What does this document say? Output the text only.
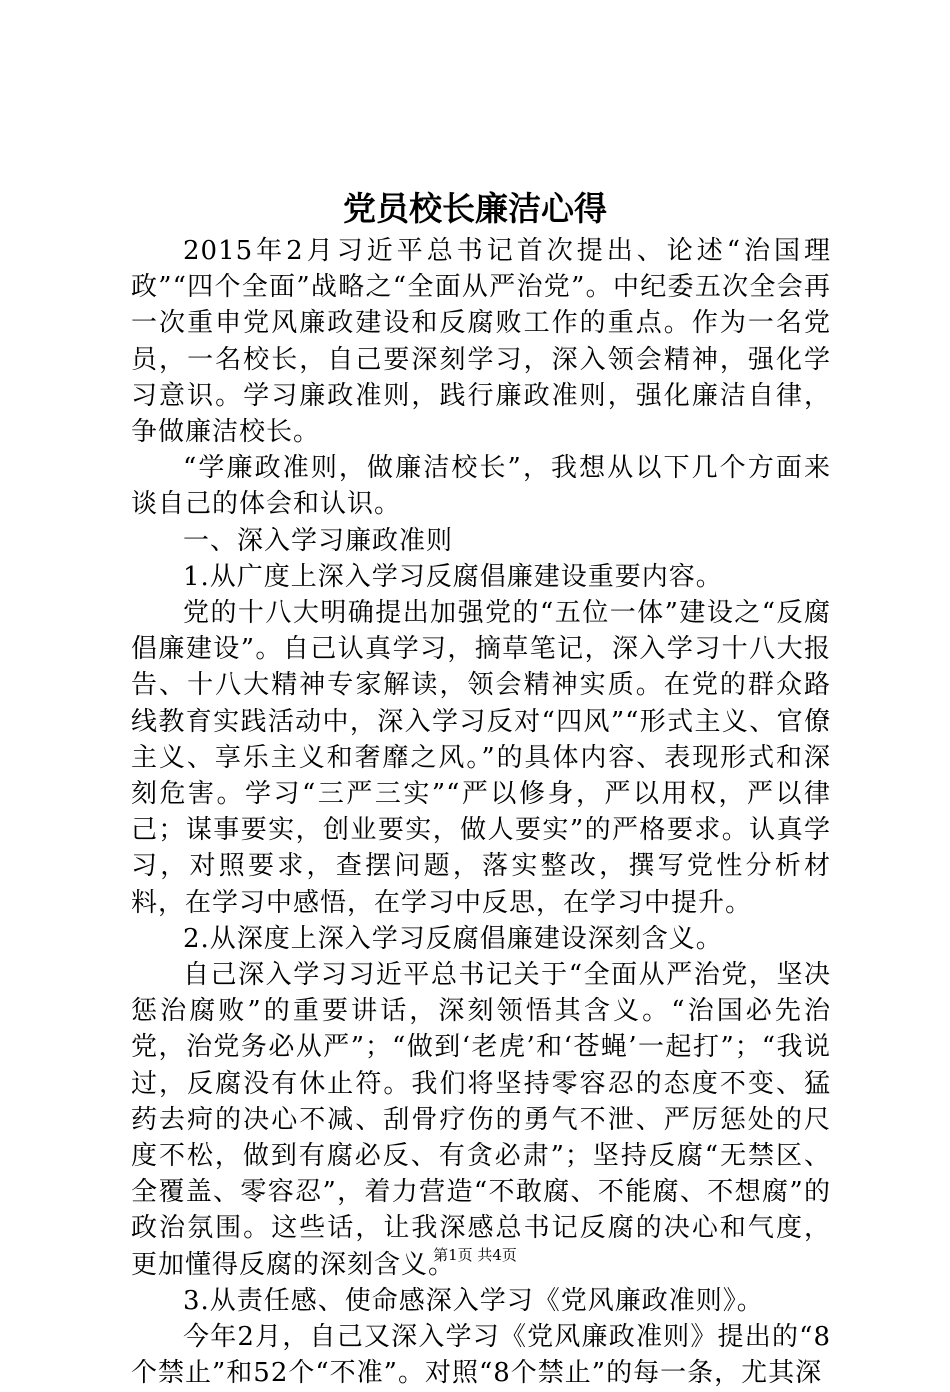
党员校长廉洁心得

2015年2月习近平总书记首次提出、论述“治国理政”“四个全面”战略之“全面从严治党”。中纪委五次全会再一次重申党风廉政建设和反腐败工作的重点。作为一名党员，一名校长，自己要深刻学习，深入领会精神，强化学习意识。学习廉政准则，践行廉政准则，强化廉洁自律，争做廉洁校长。

“学廉政准则，做廉洁校长”，我想从以下几个方面来谈自己的体会和认识。

一、深入学习廉政准则

1.从广度上深入学习反腐倡廉建设重要内容。

党的十八大明确提出加强党的“五位一体”建设之“反腐倡廉建设”。自己认真学习，摘草笔记，深入学习十八大报告、十八大精神专家解读，领会精神实质。在党的群众路线教育实践活动中，深入学习反对“四风”“形式主义、官僚主义、享乐主义和奢靡之风。”的具体内容、表现形式和深刻危害。学习“三严三实”“严以修身，严以用权，严以律己；谋事要实，创业要实，做人要实”的严格要求。认真学习，对照要求，查摆问题，落实整改，撰写党性分析材料，在学习中感悟，在学习中反思，在学习中提升。

2.从深度上深入学习反腐倡廉建设深刻含义。

自己深入学习习近平总书记关于“全面从严治党，坚决惩治腐败”的重要讲话，深刻领悟其含义。“治国必先治党，治党务必从严”；“做到‘老虎’和‘苍蝇’一起打”；“我说过，反腐没有休止符。我们将坚持零容忍的态度不变、猛药去疴的决心不减、刮骨疗伤的勇气不泄、严厉惩处的尺度不松，做到有腐必反、有贪必肃”；坚持反腐“无禁区、全覆盖、零容忍”，着力营造“不敢腐、不能腐、不想腐”的政治氛围。这些话，让我深感总书记反腐的决心和气度，更加懂得反腐的深刻含义。

3.从责任感、使命感深入学习《党风廉政准则》。

今年2月，自己又深入学习《党风廉政准则》提出的“8个禁止”和52个“不准”。对照“8个禁止”的每一条，尤其深

第1页 共4页
